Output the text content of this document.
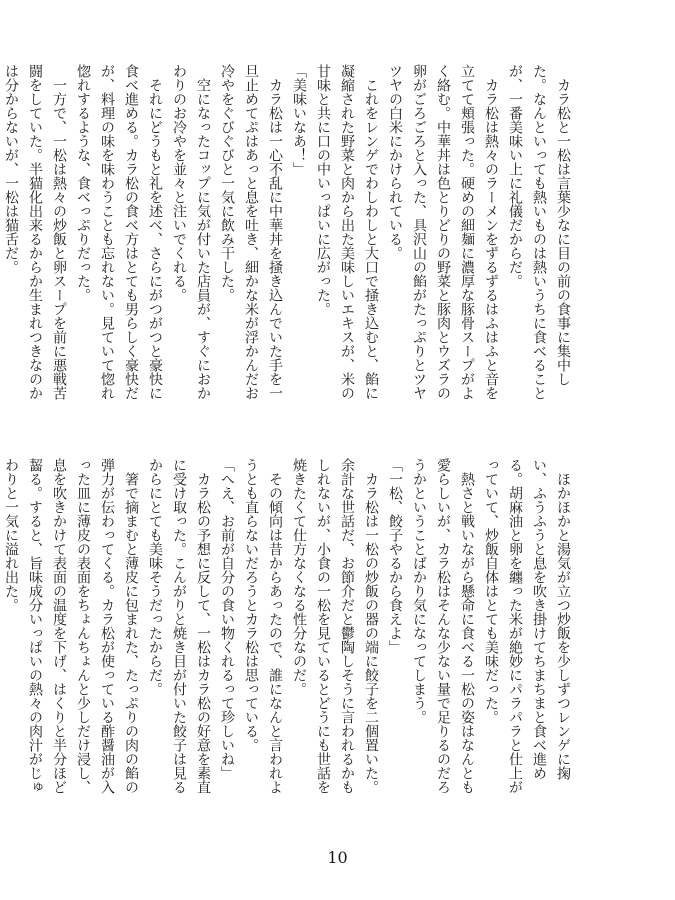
カラ松と一松は言葉少なに目の前の食事に集中した。なんといっても熱いものは熱いうちに食べることが、一番美味い上に礼儀だからだ。

カラ松は熱々のラーメンをずるずるはふはふと音を立てて頬張った。硬めの細麺に濃厚な豚骨スープがよく絡む。中華丼は色とりどりの野菜と豚肉とウズラの卵がごろごろと入った、具沢山の餡がたっぷりとツヤツヤの白米にかけられている。

これをレンゲでわしわしと大口で掻き込むと、餡に凝縮された野菜と肉から出た美味しいエキスが、米の甘味と共に口の中いっぱいに広がった。

「美味いなあ！」

カラ松は一心不乱に中華丼を掻き込んでいた手を一旦止めてぷはあっと息を吐き、細かな米が浮かんだお冷やをぐびぐびと一気に飲み干した。

空になったコップに気が付いた店員が、すぐにおかわりのお冷やを並々と注いでくれる。

それにどうもと礼を述べ、さらにがつがつと豪快に食べ進める。カラ松の食べ方はとても男らしく豪快だが、料理の味を味わうことも忘れない。見ていて惚れ惚れするような、食べっぷりだった。

一方で、一松は熱々の炒飯と卵スープを前に悪戦苦闘をしていた。半猫化出来るからか生まれつきなのかは分からないが、一松は猫舌だ。

ほかほかと湯気が立つ炒飯を少しずつレンゲに掬い、ふうふうと息を吹き掛けてちまちまと食べ進める。胡麻油と卵を纏った米が絶妙にパラパラと仕上がっていて、炒飯自体はとても美味だった。

熱さと戦いながら懸命に食べる一松の姿はなんとも愛らしいが、カラ松はそんな少ない量で足りるのだろうかということばかり気になってしまう。

「一松、餃子やるから食えよ」

カラ松は一松の炒飯の器の端に餃子を二個置いた。余計な世話だ、お節介だと鬱陶しそうに言われるかもしれないが、小食の一松を見ているとどうにも世話を焼きたくて仕方なくなる性分なのだ。

その傾向は昔からあったので、誰になんと言われようとも直らないだろうとカラ松は思っている。

「へえ、お前が自分の食い物くれるって珍しいね」

カラ松の予想に反して、一松はカラ松の好意を素直に受け取った。こんがりと焼き目が付いた餃子は見るからにとても美味そうだったからだ。

箸で摘まむと薄皮に包まれた、たっぷりの肉の餡の弾力が伝わってくる。カラ松が使っている酢醤油が入った皿に薄皮の表面をちょんちょんと少しだけ浸し、息を吹きかけて表面の温度を下げ、はくりと半分ほど齧る。すると、旨味成分いっぱいの熱々の肉汁がじゅわりと一気に溢れ出た。

10
